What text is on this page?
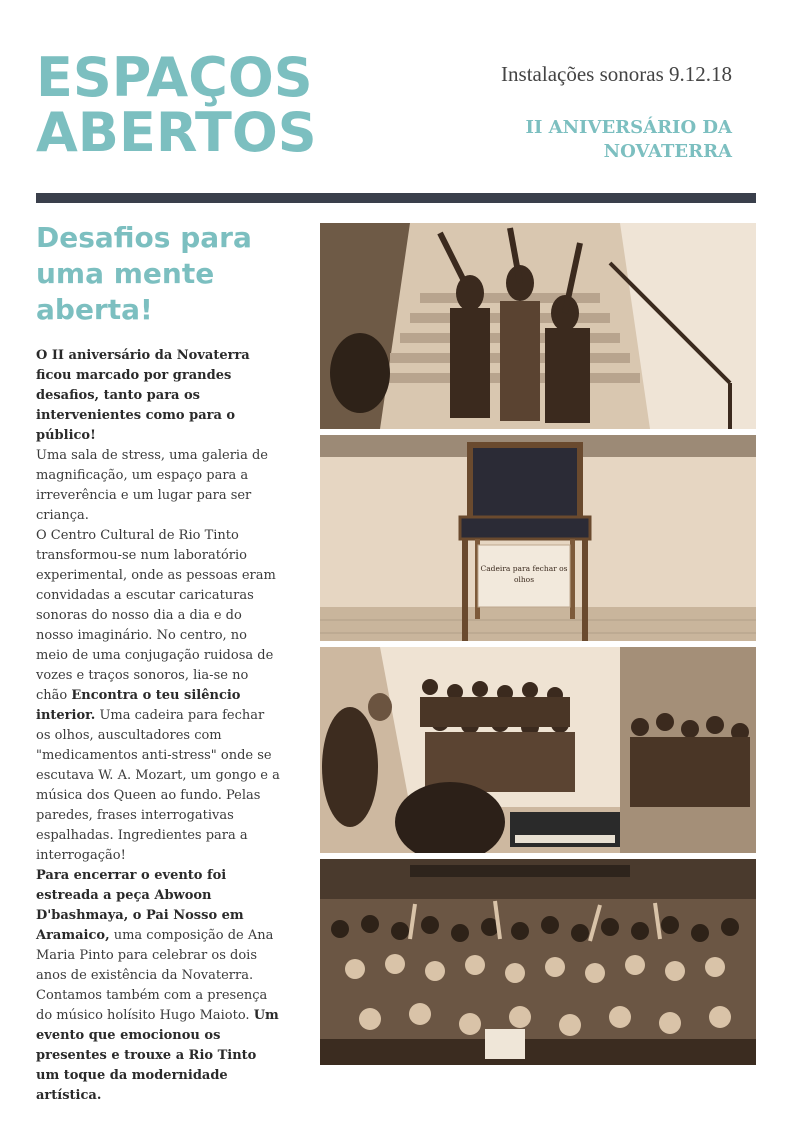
ESPAÇOS
ABERTOS
Instalações sonoras 9.12.18
II ANIVERSÁRIO DA
NOVATERRA
Desafios para
uma mente
aberta!

O II aniversário da Novaterra ficou marcado por grandes desafios, tanto para os intervenientes como para o público!

Uma sala de stress, uma galeria de magnificação, um espaço para a irreverência e um lugar para ser criança.

O Centro Cultural de Rio Tinto transformou-se num laboratório experimental, onde as pessoas eram convidadas a escutar caricaturas sonoras do nosso dia a dia e do nosso imaginário. No centro, no meio de uma conjugação ruidosa de vozes e traços sonoros, lia-se no chão Encontra o teu silêncio interior. Uma cadeira para fechar os olhos, auscultadores com "medicamentos anti-stress" onde se escutava W. A. Mozart, um gongo e a música dos Queen ao fundo. Pelas paredes, frases interrogativas espalhadas. Ingredientes para a interrogação!

Para encerrar o evento foi estreada a peça Abwoon D'bashmaya, o Pai Nosso em Aramaico, uma composição de Ana Maria Pinto para celebrar os dois anos de existência da Novaterra. Contamos também com a presença do músico holísito Hugo Maioto. Um evento que emocionou os presentes e trouxe a Rio Tinto um toque da modernidade artística.

Cadeira para fechar os
olhos
